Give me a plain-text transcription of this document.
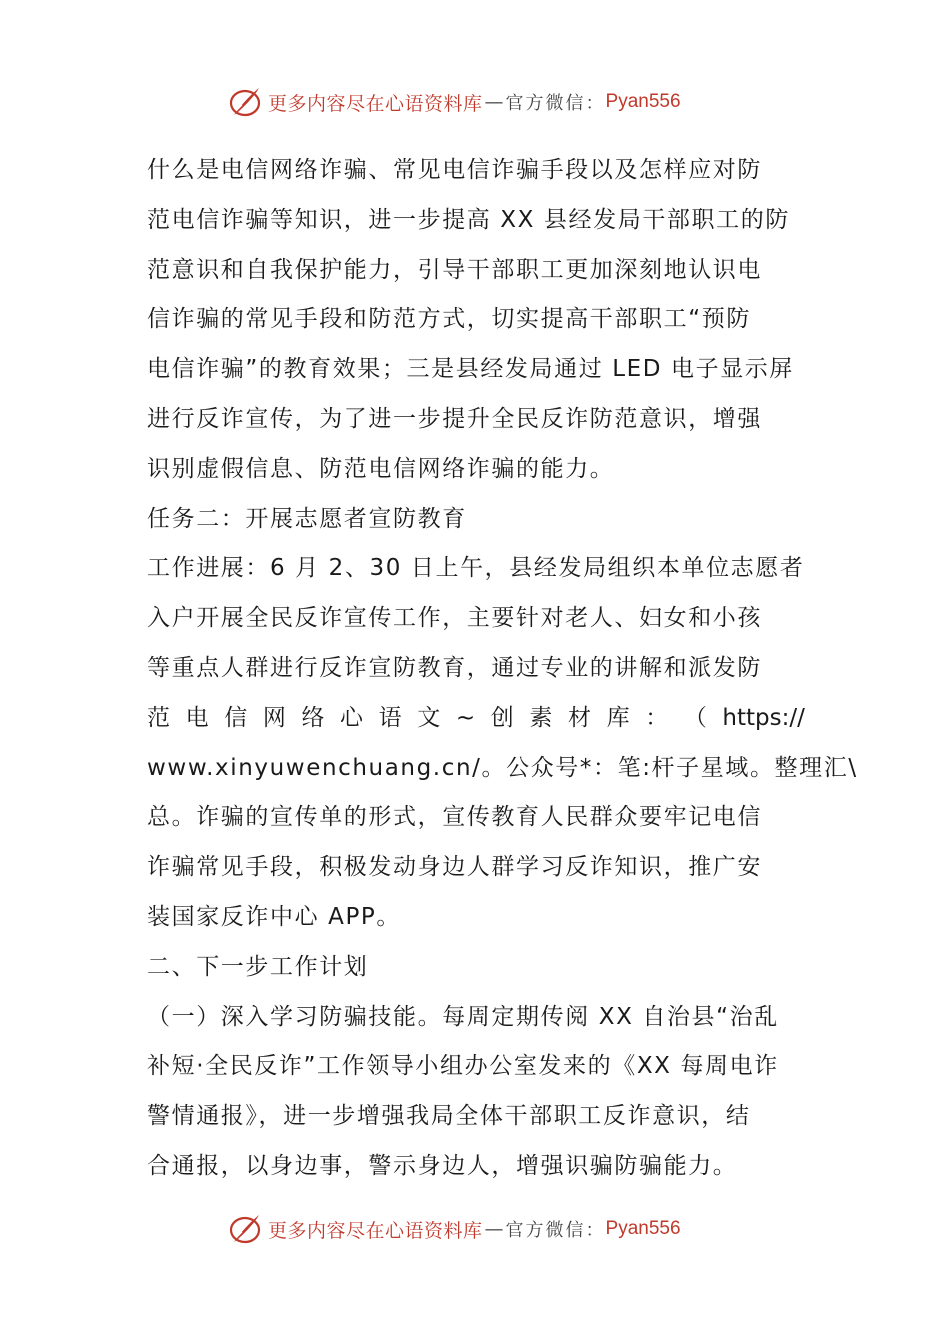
更多内容尽在心语资料库 — 官方微信： Pyan556
什么是电信网络诈骗、常见电信诈骗手段以及怎样应对防
范电信诈骗等知识，进一步提高 XX 县经发局干部职工的防
范意识和自我保护能力，引导干部职工更加深刻地认识电
信诈骗的常见手段和防范方式，切实提高干部职工“预防
电信诈骗”的教育效果；三是县经发局通过 LED 电子显示屏
进行反诈宣传，为了进一步提升全民反诈防范意识，增强
识别虚假信息、防范电信网络诈骗的能力。
任务二：开展志愿者宣防教育
工作进展：6 月 2、30 日上午，县经发局组织本单位志愿者
入户开展全民反诈宣传工作，主要针对老人、妇女和小孩
等重点人群进行反诈宣防教育，通过专业的讲解和派发防
范 电 信 网 络 心 语 文 ~ 创 素 材 库 ： （ https://
www.xinyuwenchuang.cn/。公众号*：笔:杆子星域。整理汇\
总。诈骗的宣传单的形式，宣传教育人民群众要牢记电信
诈骗常见手段，积极发动身边人群学习反诈知识，推广安
装国家反诈中心 APP。
二、下一步工作计划
（一）深入学习防骗技能。每周定期传阅 XX 自治县“治乱
补短·全民反诈”工作领导小组办公室发来的《XX 每周电诈
警情通报》，进一步增强我局全体干部职工反诈意识，结
合通报，以身边事，警示身边人，增强识骗防骗能力。
更多内容尽在心语资料库 — 官方微信： Pyan556
